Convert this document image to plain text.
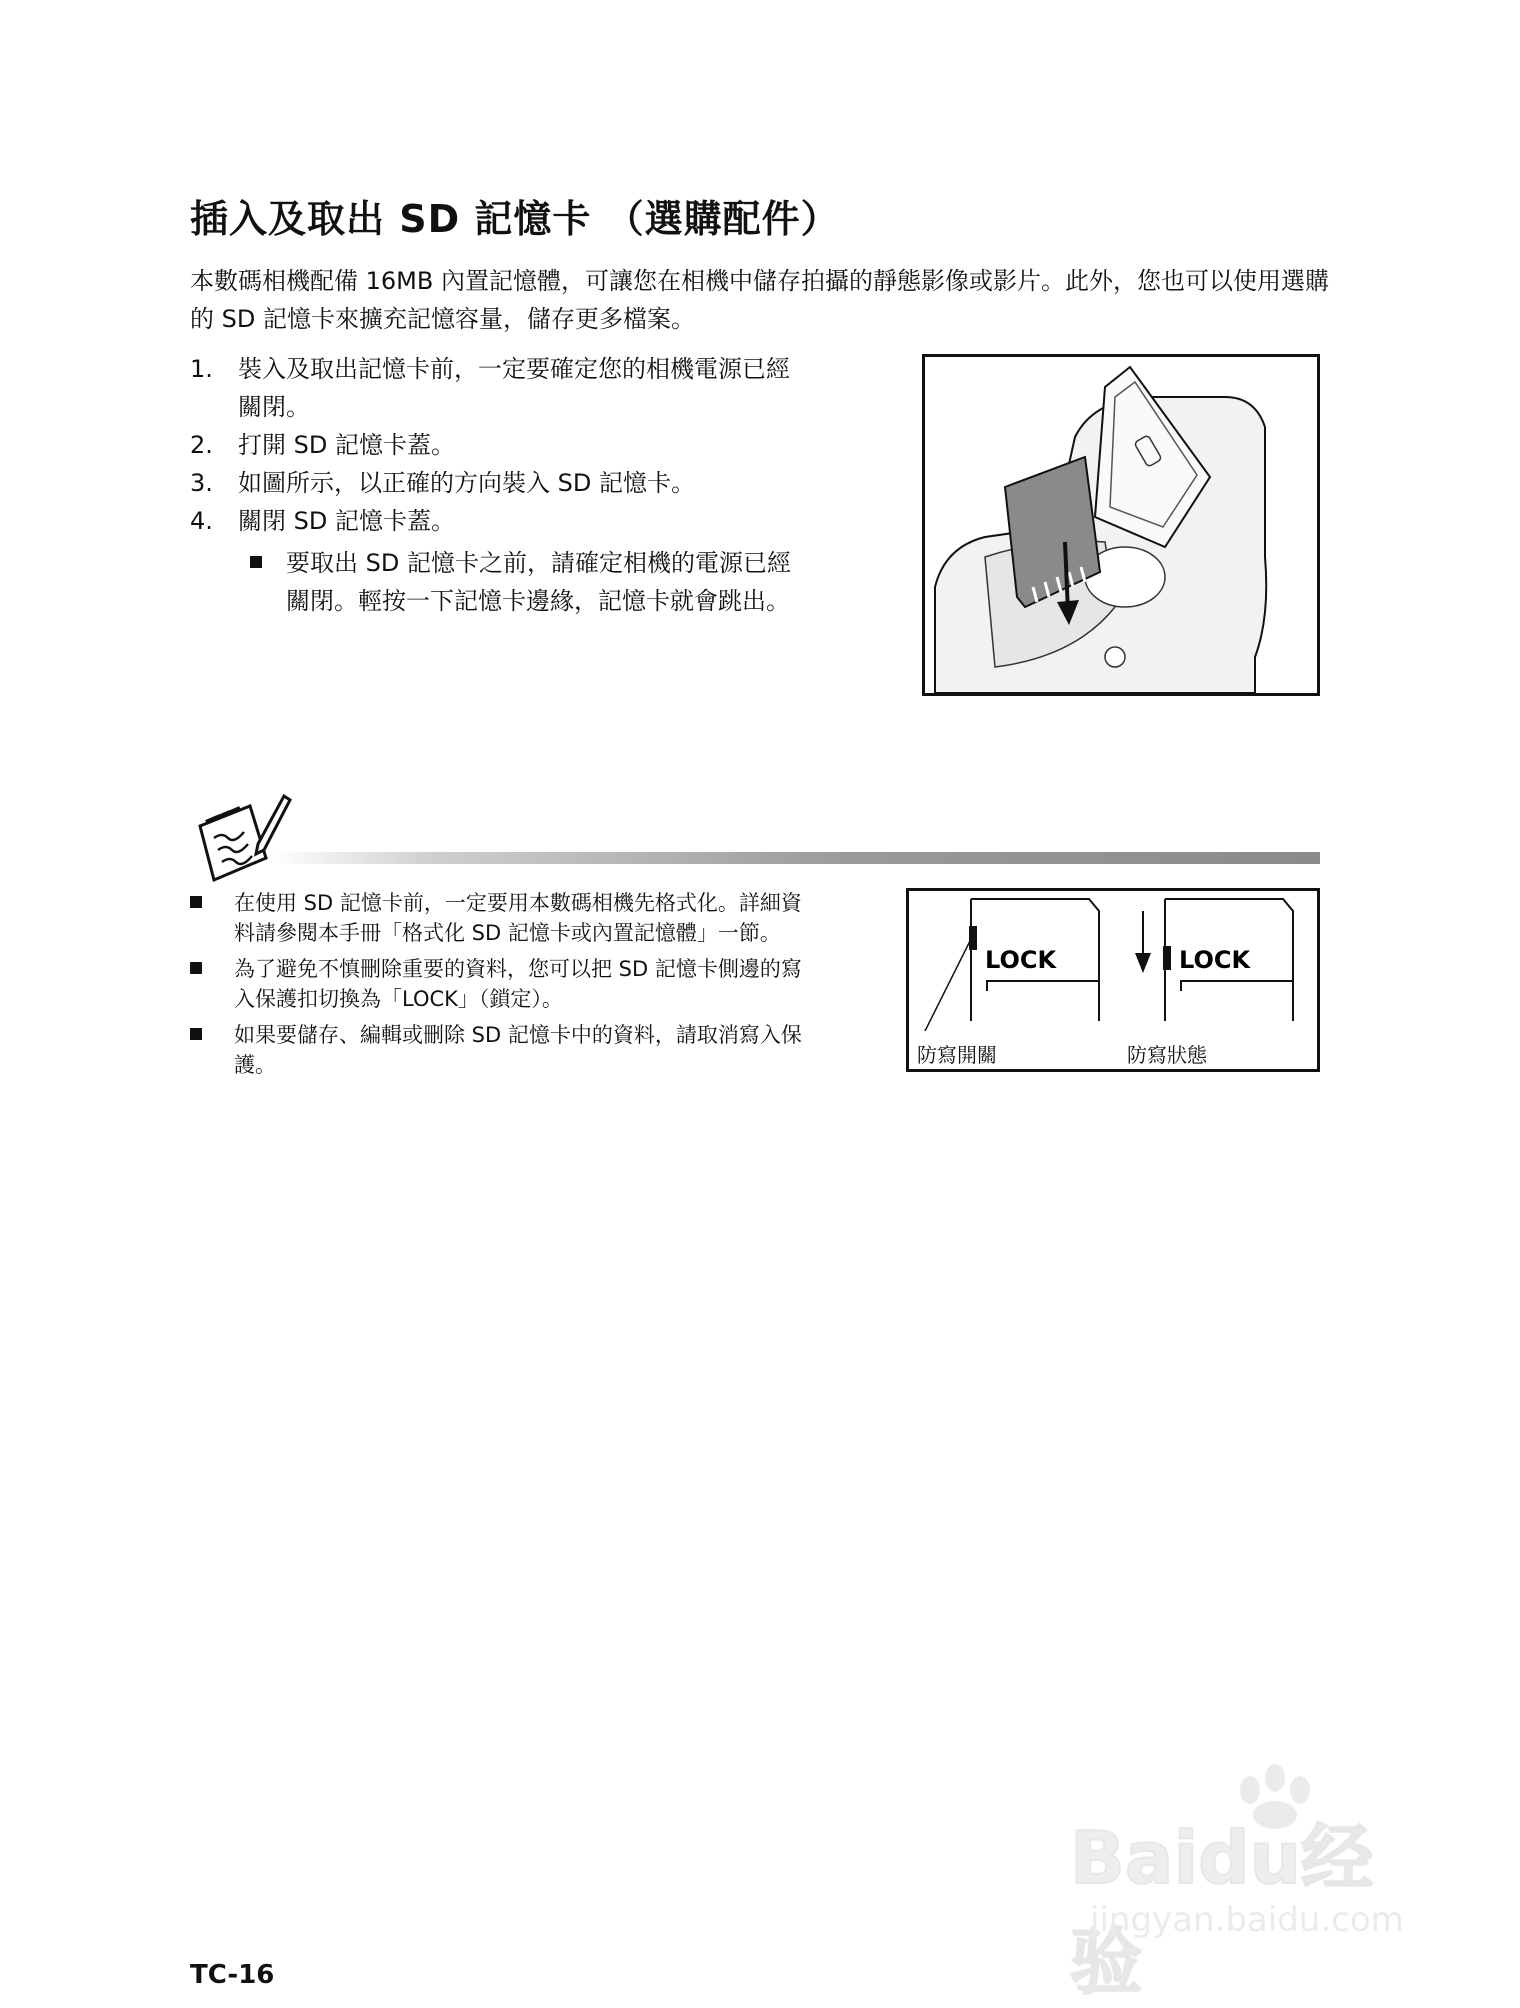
插入及取出 SD 記憶卡 （選購配件）

本數碼相機配備 16MB 內置記憶體，可讓您在相機中儲存拍攝的靜態影像或影片。此外，您也可以使用選購的 SD 記憶卡來擴充記憶容量，儲存更多檔案。

1.	裝入及取出記憶卡前，一定要確定您的相機電源已經關閉。
2.	打開 SD 記憶卡蓋。
3.	如圖所示，以正確的方向裝入 SD 記憶卡。
4.	關閉 SD 記憶卡蓋。
要取出 SD 記憶卡之前，請確定相機的電源已經關閉。輕按一下記憶卡邊緣，記憶卡就會跳出。
在使用 SD 記憶卡前，一定要用本數碼相機先格式化。詳細資料請參閱本手冊「格式化 SD 記憶卡或內置記憶體」一節。
為了避免不慎刪除重要的資料，您可以把 SD 記憶卡側邊的寫入保護扣切換為「LOCK」（鎖定）。
如果要儲存、編輯或刪除 SD 記憶卡中的資料，請取消寫入保護。
LOCK	LOCK
防寫開關	防寫狀態

TC-16

Baidu经验
jingyan.baidu.com
